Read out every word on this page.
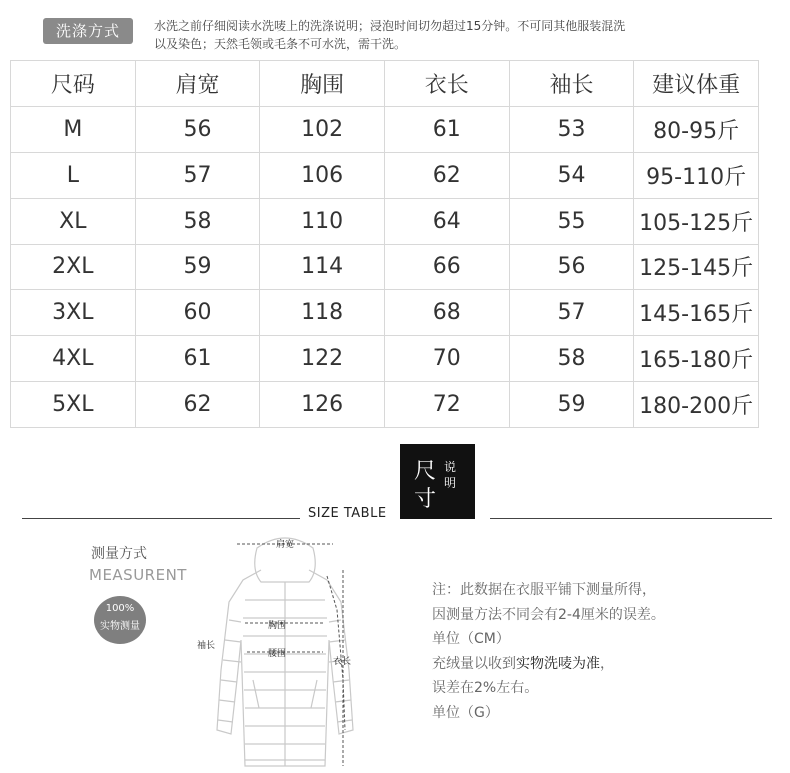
洗涤方式	水洗之前仔细阅读水洗唛上的洗涤说明；浸泡时间切勿超过15分钟。不可同其他服装混洗
以及染色；天然毛领或毛条不可水洗，需干洗。
尺码	肩宽	胸围	衣长	袖长	建议体重
M	56	102	61	53	80-95斤
L	57	106	62	54	95-110斤
XL	58	110	64	55	105-125斤
2XL	59	114	66	56	125-145斤
3XL	60	118	68	57	145-165斤
4XL	61	122	70	58	165-180斤
5XL	62	126	72	59	180-200斤
尺
寸
说
明
SIZE TABLE
测量方式
MEASURENT
100%
实物测量
肩宽
胸围
腰围
袖长
衣长
注：此数据在衣服平铺下测量所得，
因测量方法不同会有2-4厘米的误差。
单位（CM）
充绒量以收到实物洗唛为准，
误差在2%左右。
单位（G）
